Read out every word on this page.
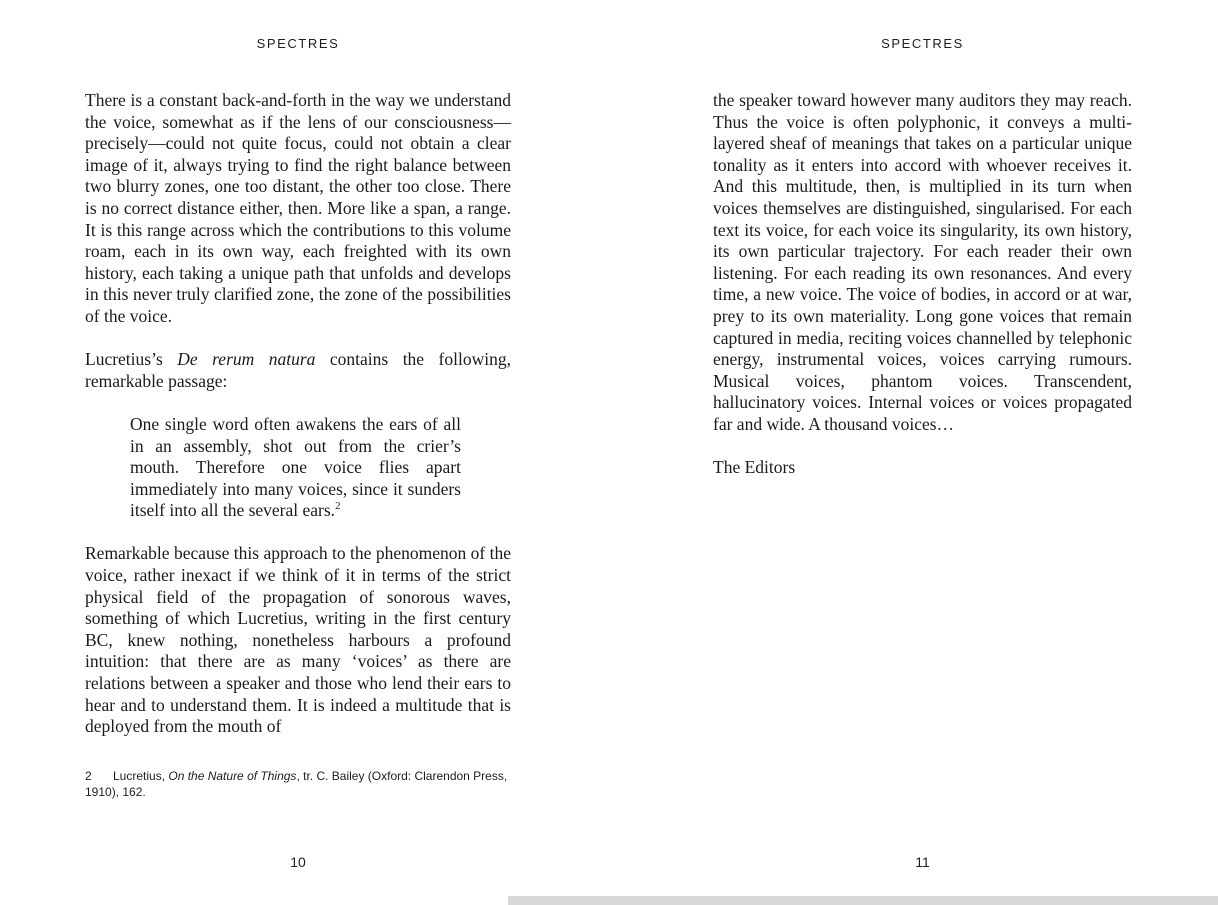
SPECTRES

There is a constant back-and-forth in the way we understand the voice, somewhat as if the lens of our consciousness—precisely—could not quite focus, could not obtain a clear image of it, always trying to find the right balance between two blurry zones, one too distant, the other too close. There is no correct distance either, then. More like a span, a range. It is this range across which the contributions to this volume roam, each in its own way, each freighted with its own history, each taking a unique path that unfolds and develops in this never truly clarified zone, the zone of the possibilities of the voice.

Lucretius’s De rerum natura contains the following, remarkable passage:

One single word often awakens the ears of all in an assembly, shot out from the crier’s mouth. Therefore one voice flies apart immediately into many voices, since it sunders itself into all the several ears.$^2$

Remarkable because this approach to the phenomenon of the voice, rather inexact if we think of it in terms of the strict physical field of the propagation of sonorous waves, something of which Lucretius, writing in the first century BC, knew nothing, nonetheless harbours a profound intuition: that there are as many ‘voices’ as there are relations between a speaker and those who lend their ears to hear and to understand them. It is indeed a multitude that is deployed from the mouth of

2 Lucretius, On the Nature of Things, tr. C. Bailey (Oxford: Clarendon Press, 1910), 162.
10
SPECTRES

the speaker toward however many auditors they may reach. Thus the voice is often polyphonic, it conveys a multi-layered sheaf of meanings that takes on a particular unique tonality as it enters into accord with whoever receives it. And this multitude, then, is multiplied in its turn when voices themselves are distinguished, singularised. For each text its voice, for each voice its singularity, its own history, its own particular trajectory. For each reader their own listening. For each reading its own resonances. And every time, a new voice. The voice of bodies, in accord or at war, prey to its own materiality. Long gone voices that remain captured in media, reciting voices channelled by telephonic energy, instrumental voices, voices carrying rumours. Musical voices, phantom voices. Transcendent, hallucinatory voices. Internal voices or voices propagated far and wide. A thousand voices…

The Editors

11
